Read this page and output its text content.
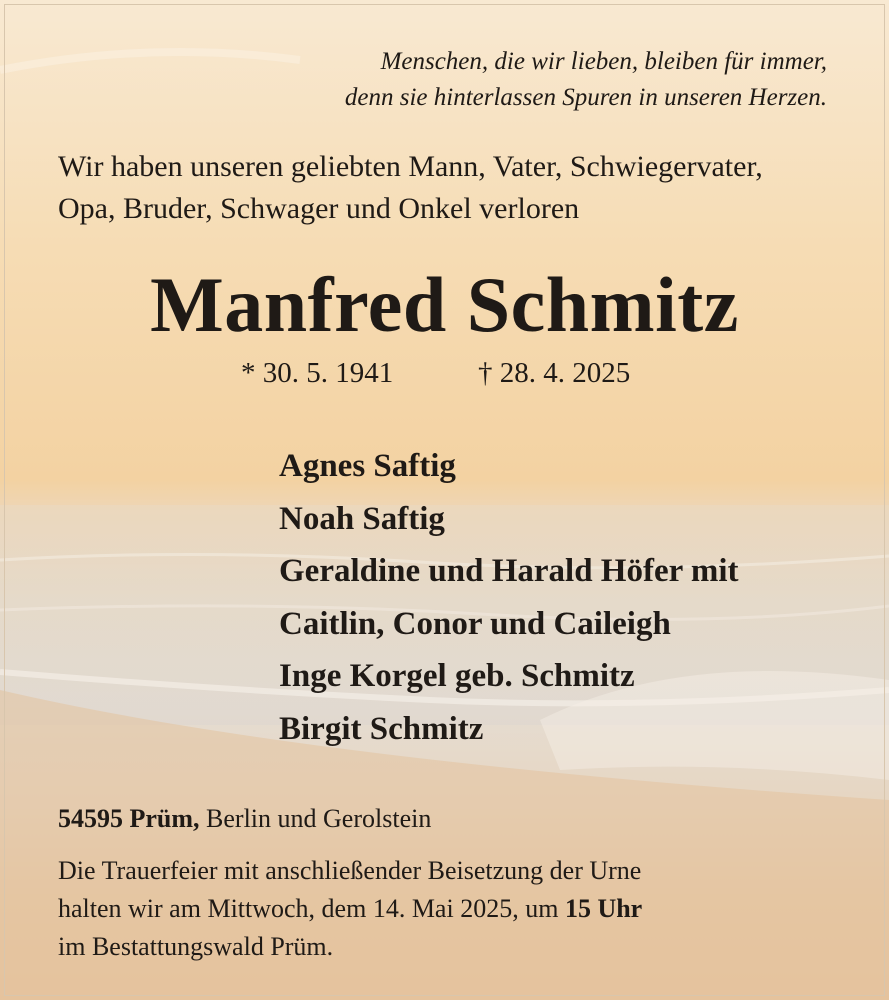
Menschen, die wir lieben, bleiben für immer,
denn sie hinterlassen Spuren in unseren Herzen.
Wir haben unseren geliebten Mann, Vater, Schwiegervater,
Opa, Bruder, Schwager und Onkel verloren
Manfred Schmitz
* 30. 5. 1941	† 28. 4. 2025
Agnes Saftig
Noah Saftig
Geraldine und Harald Höfer mit
Caitlin, Conor und Caileigh
Inge Korgel geb. Schmitz
Birgit Schmitz
54595 Prüm, Berlin und Gerolstein
Die Trauerfeier mit anschließender Beisetzung der Urne
halten wir am Mittwoch, dem 14. Mai 2025, um 15 Uhr
im Bestattungswald Prüm.
